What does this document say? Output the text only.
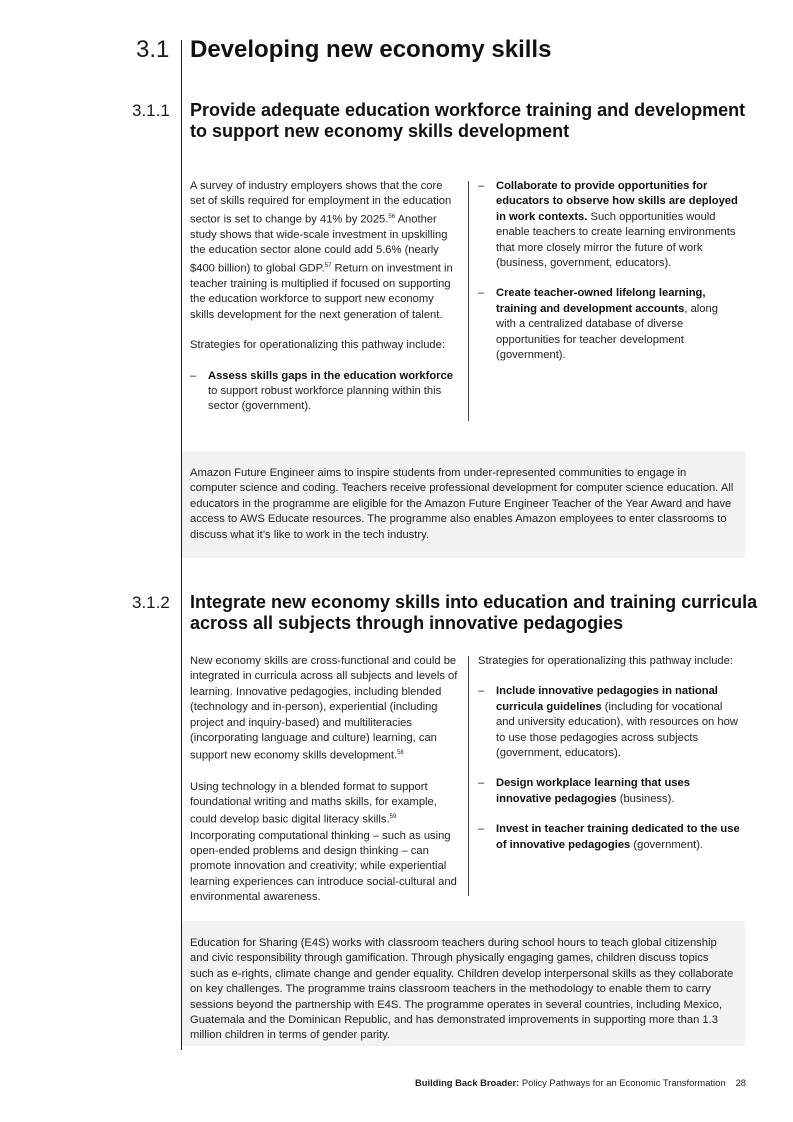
3.1 Developing new economy skills
3.1.1 Provide adequate education workforce training and development to support new economy skills development

A survey of industry employers shows that the core set of skills required for employment in the education sector is set to change by 41% by 2025.56 Another study shows that wide-scale investment in upskilling the education sector alone could add 5.6% (nearly $400 billion) to global GDP.$^{57}$ Return on investment in teacher training is multiplied if focused on supporting the education workforce to support new economy skills development for the next generation of talent.

Strategies for operationalizing this pathway include:

– Assess skills gaps in the education workforce to support robust workforce planning within this sector (government).
– Collaborate to provide opportunities for educators to observe how skills are deployed in work contexts. Such opportunities would enable teachers to create learning environments that more closely mirror the future of work (business, government, educators).
– Create teacher-owned lifelong learning, training and development accounts, along with a centralized database of diverse opportunities for teacher development (government).
Amazon Future Engineer aims to inspire students from under-represented communities to engage in computer science and coding. Teachers receive professional development for computer science education. All educators in the programme are eligible for the Amazon Future Engineer Teacher of the Year Award and have access to AWS Educate resources. The programme also enables Amazon employees to enter classrooms to discuss what it’s like to work in the tech industry.
3.1.2 Integrate new economy skills into education and training curricula across all subjects through innovative pedagogies

New economy skills are cross-functional and could be integrated in curricula across all subjects and levels of learning. Innovative pedagogies, including blended (technology and in-person), experiential (including project and inquiry-based) and multiliteracies (incorporating language and culture) learning, can support new economy skills development.$^{58}$

Using technology in a blended format to support foundational writing and maths skills, for example, could develop basic digital literacy skills.$^{59}$ Incorporating computational thinking – such as using open-ended problems and design thinking – can promote innovation and creativity; while experiential learning experiences can introduce social-cultural and environmental awareness.

Strategies for operationalizing this pathway include:

– Include innovative pedagogies in national curricula guidelines (including for vocational and university education), with resources on how to use those pedagogies across subjects (government, educators).
– Design workplace learning that uses innovative pedagogies (business).
– Invest in teacher training dedicated to the use of innovative pedagogies (government).
Education for Sharing (E4S) works with classroom teachers during school hours to teach global citizenship and civic responsibility through gamification. Through physically engaging games, children discuss topics such as e-rights, climate change and gender equality. Children develop interpersonal skills as they collaborate on key challenges. The programme trains classroom teachers in the methodology to enable them to carry sessions beyond the partnership with E4S. The programme operates in several countries, including Mexico, Guatemala and the Dominican Republic, and has demonstrated improvements in supporting more than 1.3 million children in terms of gender parity.
Building Back Broader: Policy Pathways for an Economic Transformation 28
